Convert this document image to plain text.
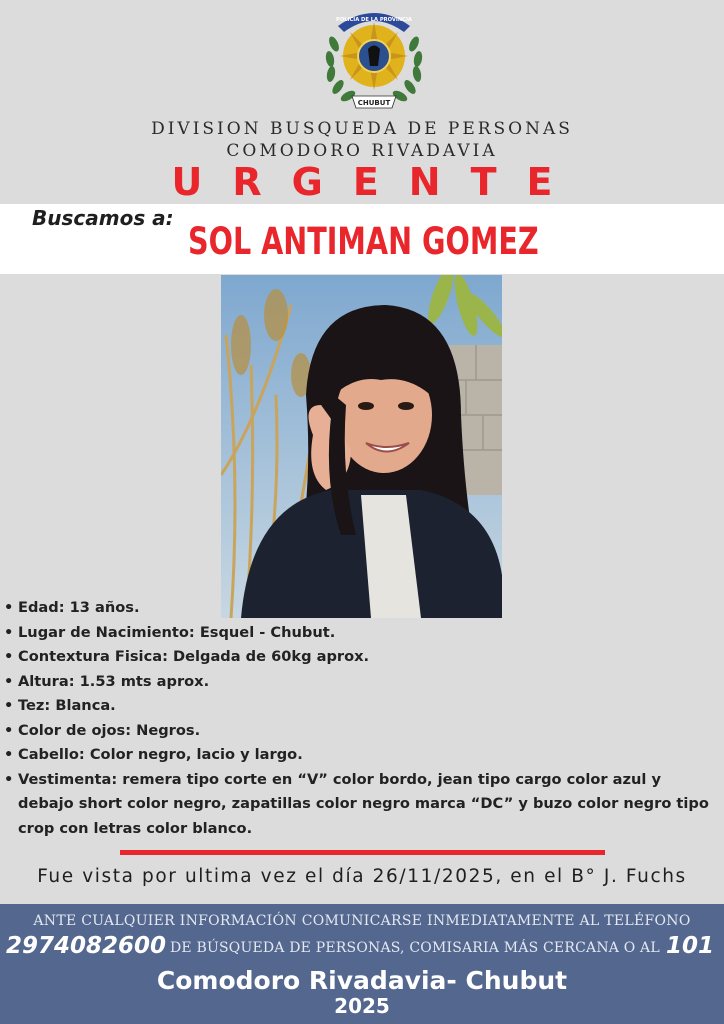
POLICIA DE LA PROVINCIA
CHUBUT
DIVISION BUSQUEDA DE PERSONAS
COMODORO RIVADAVIA
URGENTE
Buscamos a:
SOL ANTIMAN GOMEZ
• Edad: 13 años.
• Lugar de Nacimiento: Esquel - Chubut.
• Contextura Fisica: Delgada de 60kg aprox.
• Altura: 1.53 mts aprox.
• Tez: Blanca.
• Color de ojos: Negros.
• Cabello: Color negro, lacio y largo.
• Vestimenta: remera tipo corte en “V” color bordo, jean tipo cargo color azul y debajo short color negro, zapatillas color negro marca “DC” y buzo color negro tipo crop con letras color blanco.
Fue vista por ultima vez el día 26/11/2025, en el B° J. Fuchs
ANTE CUALQUIER INFORMACIÓN COMUNICARSE INMEDIATAMENTE AL TELÉFONO
2974082600 DE BÚSQUEDA DE PERSONAS, COMISARIA MÁS CERCANA O AL 101
Comodoro Rivadavia- Chubut
2025
